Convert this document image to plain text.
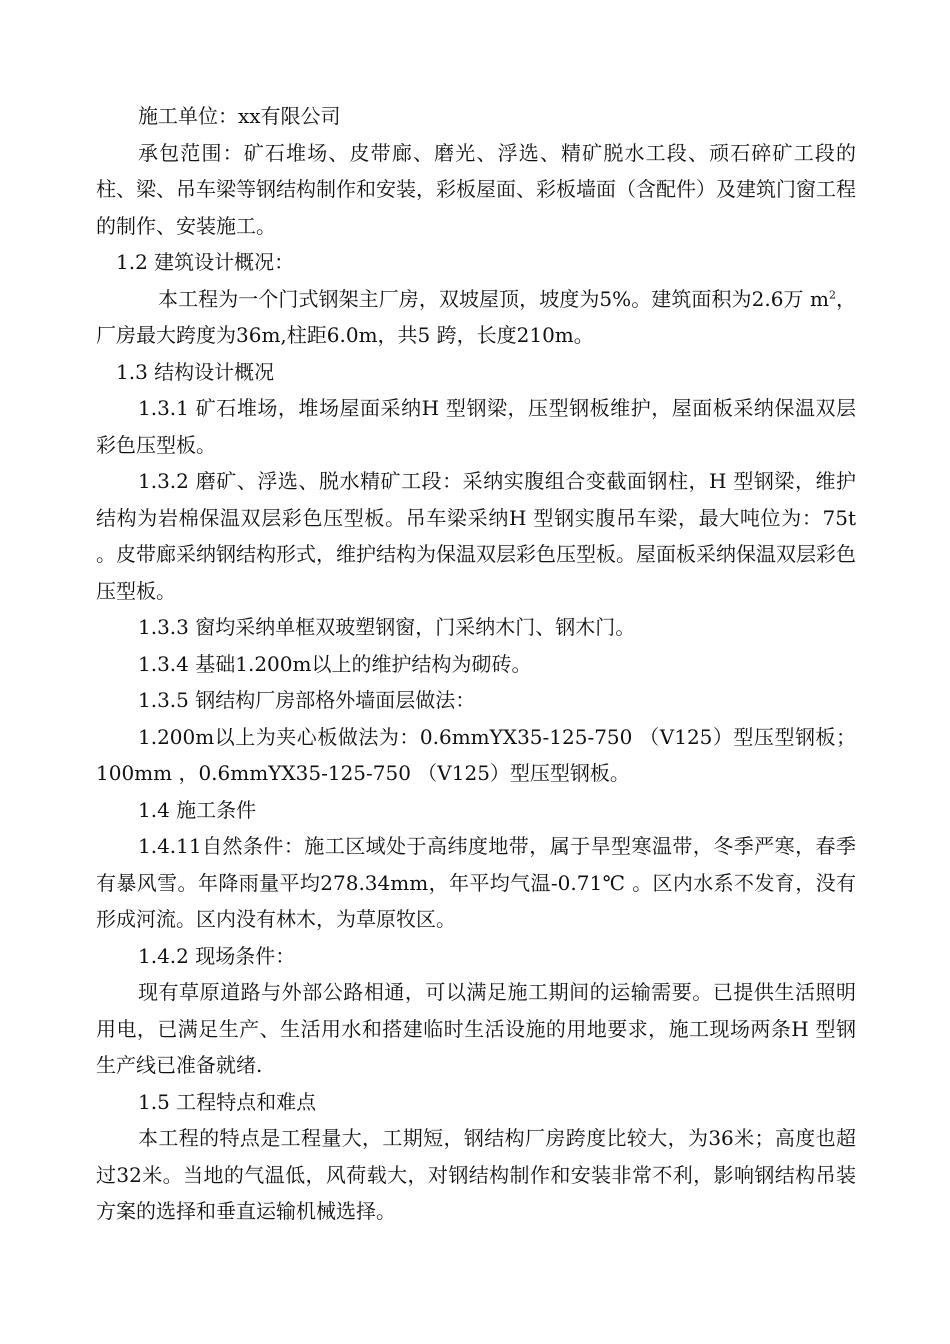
施工单位：xx有限公司

承包范围：矿石堆场、皮带廊、磨光、浮选、精矿脱水工段、顽石碎矿工段的柱、梁、吊车梁等钢结构制作和安装，彩板屋面、彩板墙面（含配件）及建筑门窗工程的制作、安装施工。

1.2 建筑设计概况：

本工程为一个门式钢架主厂房，双坡屋顶，坡度为5%。建筑面积为2.6万 $m^2$，厂房最大跨度为36m,柱距6.0m，共5 跨，长度210m。

1.3 结构设计概况

1.3.1 矿石堆场，堆场屋面采纳H 型钢梁，压型钢板维护，屋面板采纳保温双层彩色压型板。

1.3.2 磨矿、浮选、脱水精矿工段：采纳实腹组合变截面钢柱，H 型钢梁，维护结构为岩棉保温双层彩色压型板。吊车梁采纳H 型钢实腹吊车梁，最大吨位为：75t 。皮带廊采纳钢结构形式，维护结构为保温双层彩色压型板。屋面板采纳保温双层彩色压型板。

1.3.3 窗均采纳单框双玻塑钢窗，门采纳木门、钢木门。

1.3.4 基础1.200m以上的维护结构为砌砖。

1.3.5 钢结构厂房部格外墙面层做法：

1.200m以上为夹心板做法为：0.6mmYX35-125-750 （V125）型压型钢板；100mm ，0.6mmYX35-125-750 （V125）型压型钢板。

1.4 施工条件

1.4.11自然条件：施工区域处于高纬度地带，属于旱型寒温带，冬季严寒，春季有暴风雪。年降雨量平均278.34mm，年平均气温-0.71℃ 。区内水系不发育，没有形成河流。区内没有林木，为草原牧区。

1.4.2 现场条件：

现有草原道路与外部公路相通，可以满足施工期间的运输需要。已提供生活照明用电，已满足生产、生活用水和搭建临时生活设施的用地要求，施工现场两条H 型钢生产线已准备就绪.

1.5 工程特点和难点

本工程的特点是工程量大，工期短，钢结构厂房跨度比较大，为36米；高度也超过32米。当地的气温低，风荷载大，对钢结构制作和安装非常不利，影响钢结构吊装方案的选择和垂直运输机械选择。
